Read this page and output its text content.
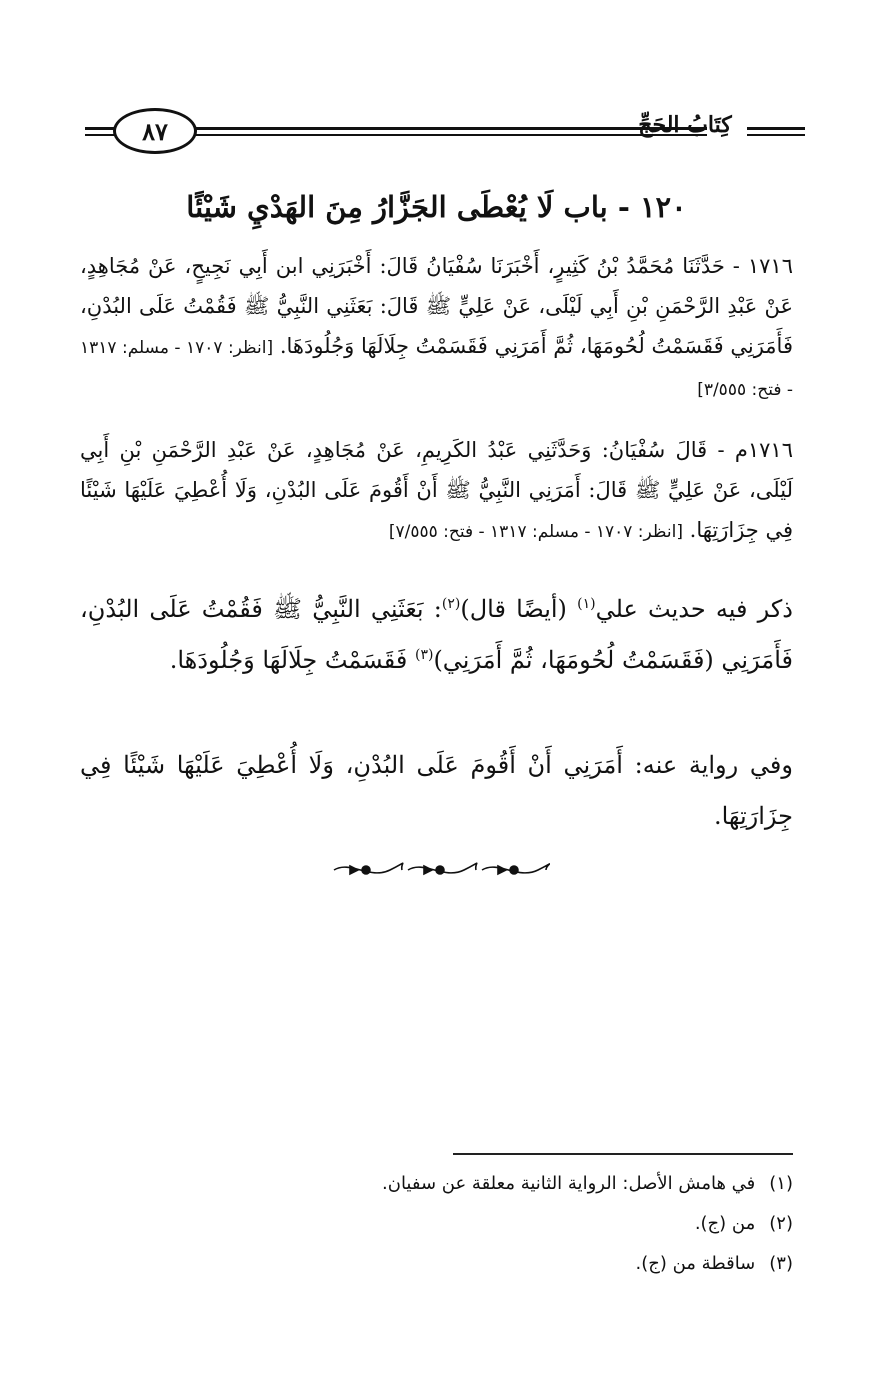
٨٧	كِتَابُ الحَجِّ
١٢٠ - باب لَا يُعْطَى الجَزَّارُ مِنَ الهَدْيِ شَيْئًا
١٧١٦ - حَدَّثَنَا مُحَمَّدُ بْنُ كَثِيرٍ، أَخْبَرَنَا سُفْيَانُ قَالَ: أَخْبَرَنِي ابن أَبِي نَجِيحٍ، عَنْ مُجَاهِدٍ، عَنْ عَبْدِ الرَّحْمَنِ بْنِ أَبِي لَيْلَى، عَنْ عَلِيٍّ ﷺ قَالَ: بَعَثَنِي النَّبِيُّ ﷺ فَقُمْتُ عَلَى البُدْنِ، فَأَمَرَنِي فَقَسَمْتُ لُحُومَهَا، ثُمَّ أَمَرَنِي فَقَسَمْتُ جِلَالَهَا وَجُلُودَهَا. [انظر: ١٧٠٧ - مسلم: ١٣١٧ - فتح: ٣/٥٥٥]
١٧١٦م - قَالَ سُفْيَانُ: وَحَدَّثَنِي عَبْدُ الكَرِيمِ، عَنْ مُجَاهِدٍ، عَنْ عَبْدِ الرَّحْمَنِ بْنِ أَبِي لَيْلَى، عَنْ عَلِيٍّ ﷺ قَالَ: أَمَرَنِي النَّبِيُّ ﷺ أَنْ أَقُومَ عَلَى البُدْنِ، وَلَا أُعْطِيَ عَلَيْهَا شَيْئًا فِي جِزَارَتِهَا. [انظر: ١٧٠٧ - مسلم: ١٣١٧ - فتح: ٧/٥٥٥]
ذكر فيه حديث علي$^{(١)}$ (أيضًا قال)$^{(٢)}$: بَعَثَنِي النَّبِيُّ ﷺ فَقُمْتُ عَلَى البُدْنِ، فَأَمَرَنِي (فَقَسَمْتُ لُحُومَهَا، ثُمَّ أَمَرَنِي)$^{(٣)}$ فَقَسَمْتُ جِلَالَهَا وَجُلُودَهَا.
وفي رواية عنه: أَمَرَنِي أَنْ أَقُومَ عَلَى البُدْنِ، وَلَا أُعْطِيَ عَلَيْهَا شَيْئًا فِي جِزَارَتِهَا.
(١)في هامش الأصل: الرواية الثانية معلقة عن سفيان.
(٢)من (ج).
(٣)ساقطة من (ج).
